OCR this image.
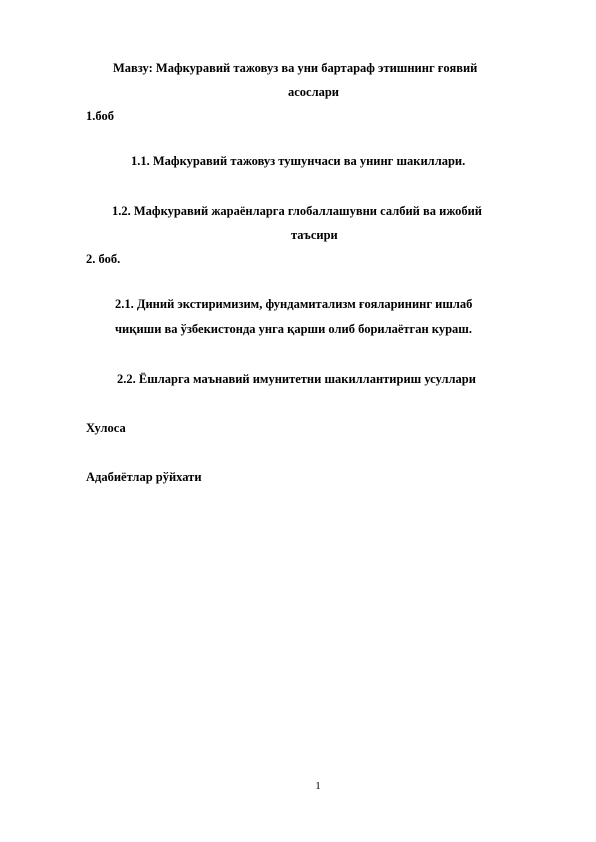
Мавзу: Мафкуравий тажовуз ва уни бартараф этишнинг ғоявий
асослари
1.боб
1.1. Мафкуравий тажовуз тушунчаси ва унинг шакиллари.
1.2. Мафкуравий жараёнларга глобаллашувни салбий ва ижобий
таъсири
2. боб.
2.1. Диний экстиримизим, фундамитализм ғояларининг ишлаб
чиқиши ва ўзбекистонда унга қарши олиб борилаётган кураш.
2.2. Ёшларга маънавий имунитетни шакиллантириш усуллари
Хулоса
Адабиётлар рўйхати
1
